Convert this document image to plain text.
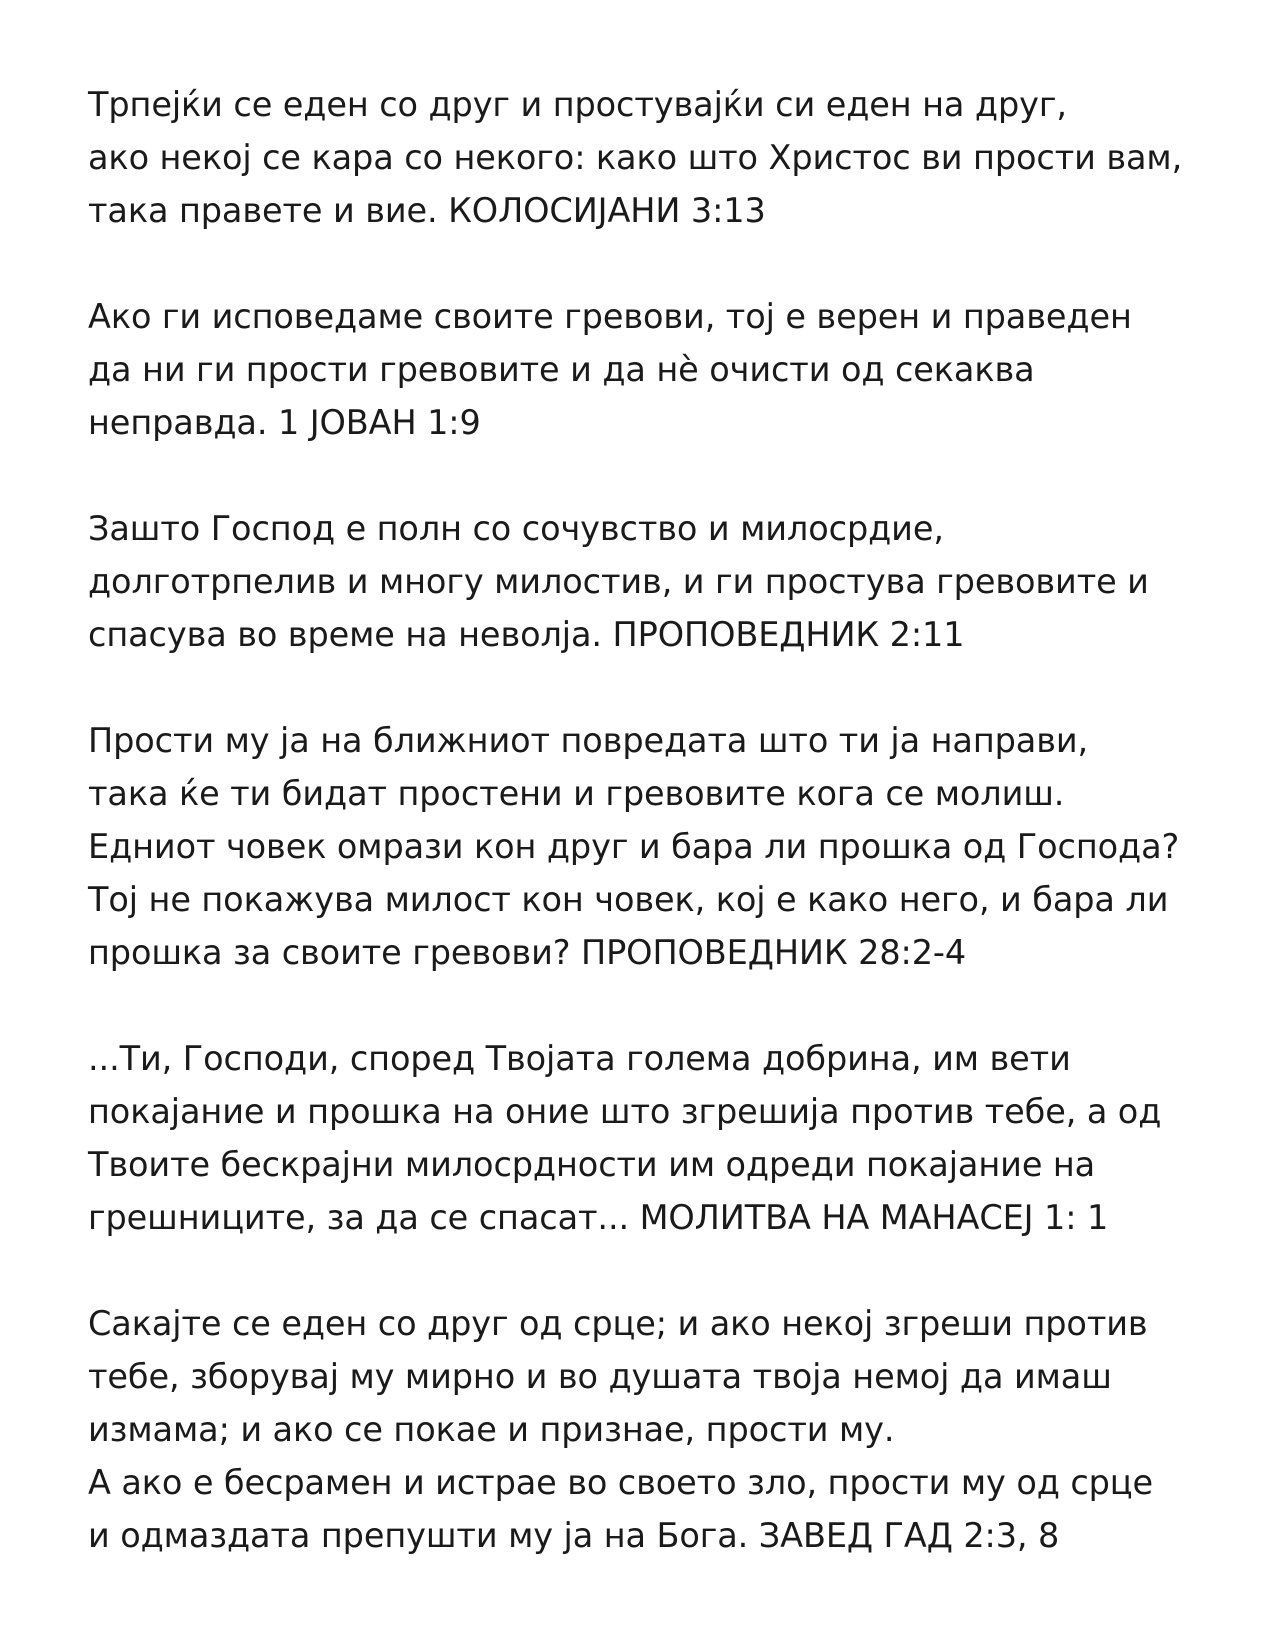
Трпејќи се еден со друг и простувајќи си еден на друг,
ако некој се кара со некого: како што Христос ви прости вам,
така правете и вие. КОЛОСИЈАНИ 3:13
Ако ги исповедаме своите гревови, тој е верен и праведен
да ни ги прости гревовите и да нѐ очисти од секаква
неправда. 1 ЈОВАН 1:9
Зашто Господ е полн со сочувство и милосрдие,
долготрпелив и многу милостив, и ги простува гревовите и
спасува во време на неволја. ПРОПОВЕДНИК 2:11
Прости му ја на ближниот повредата што ти ја направи,
така ќе ти бидат простени и гревовите кога се молиш.
Едниот човек омрази кон друг и бара ли прошка од Господа?
Тој не покажува милост кон човек, кој е како него, и бара ли
прошка за своите гревови? ПРОПОВЕДНИК 28:2-4
...Ти, Господи, според Твојата голема добрина, им вети
покајание и прошка на оние што згрешија против тебе, а од
Твоите бескрајни милосрдности им одреди покајание на
грешниците, за да се спасат... МОЛИТВА НА МАНАСЕЈ 1: 1
Сакајте се еден со друг од срце; и ако некој згреши против
тебе, зборувај му мирно и во душата твоја немој да имаш
измама; и ако се покае и признае, прости му.
А ако е бесрамен и истрае во своето зло, прости му од срце
и одмаздата препушти му ја на Бога. ЗАВЕД ГАД 2:3, 8
